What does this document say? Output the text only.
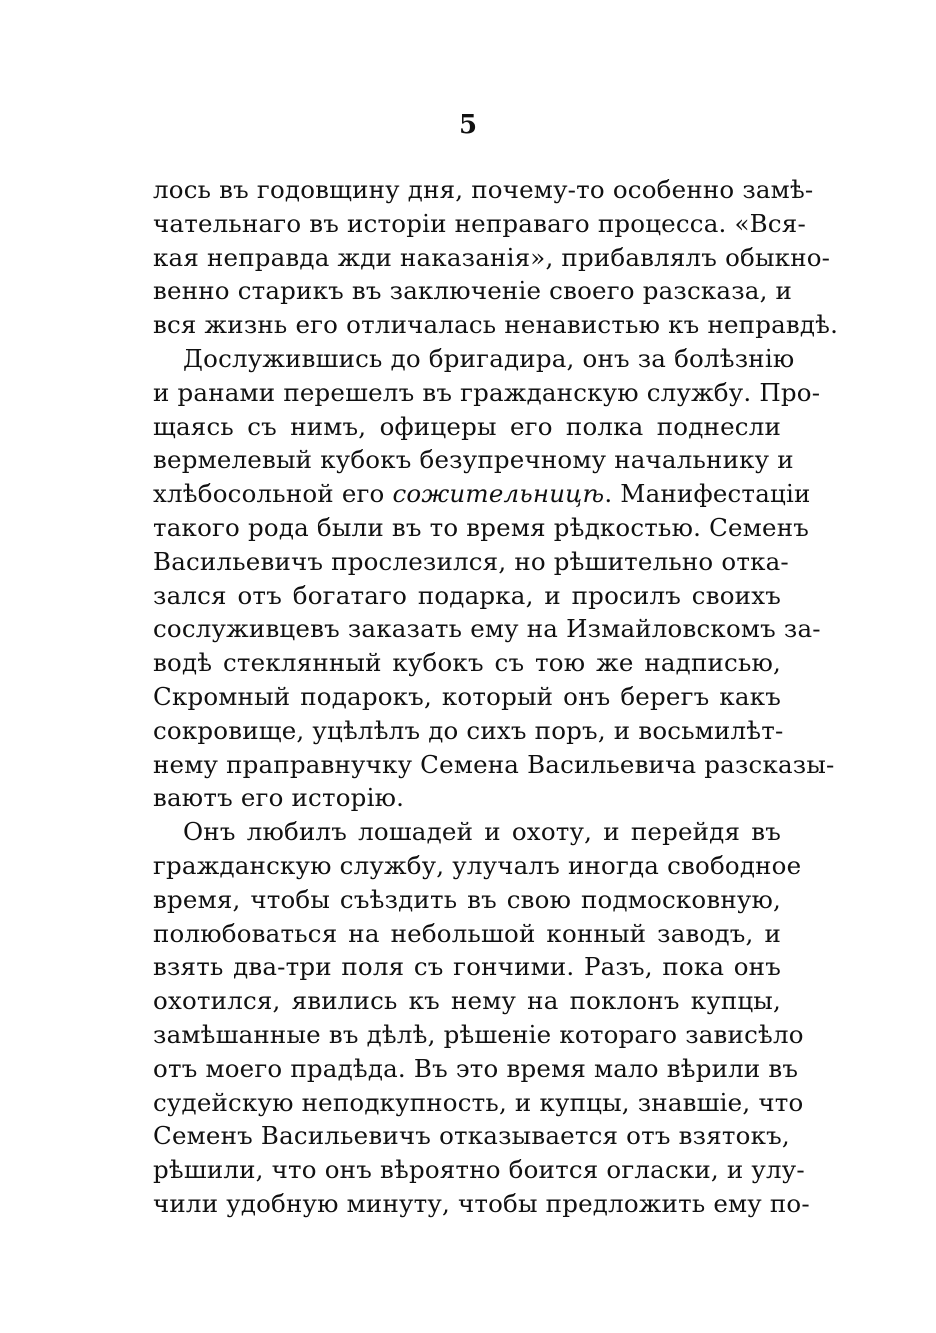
5
лось въ годовщину дня, почему-то особенно замѣ-
чательнаго въ исторіи неправаго процесса. «Вся-
кая неправда жди наказанія», прибавлялъ обыкно-
венно старикъ въ заключеніе своего разсказа, и
вся жизнь его отличалась ненавистью къ неправдѣ.
Дослужившись до бригадира, онъ за болѣзнію
и ранами перешелъ въ гражданскую службу. Про-
щаясь съ нимъ, офицеры его полка поднесли
вермелевый кубокъ безупречному начальнику и
хлѣбосольной его сожительницѣ. Манифестаціи
такого рода были въ то время рѣдкостью. Семенъ
Васильевичъ прослезился, но рѣшительно отка-
зался отъ богатаго подарка, и просилъ своихъ
сослуживцевъ заказать ему на Измайловскомъ за-
водѣ стеклянный кубокъ съ тою же надписью,
Скромный подарокъ, который онъ берегъ какъ
сокровище, уцѣлѣлъ до сихъ поръ, и восьмилѣт-
нему праправнучку Семена Васильевича разсказы-
ваютъ его исторію.
Онъ любилъ лошадей и охоту, и перейдя въ
гражданскую службу, улучалъ иногда свободное
время, чтобы съѣздить въ свою подмосковную,
полюбоваться на небольшой конный заводъ, и
взять два-три поля съ гончими. Разъ, пока онъ
охотился, явились къ нему на поклонъ купцы,
замѣшанные въ дѣлѣ, рѣшеніе котораго зависѣло
отъ моего прадѣда. Въ это время мало вѣрили въ
судейскую неподкупность, и купцы, знавшіе, что
Семенъ Васильевичъ отказывается отъ взятокъ,
рѣшили, что онъ вѣроятно боится огласки, и улу-
чили удобную минуту, чтобы предложить ему по-
